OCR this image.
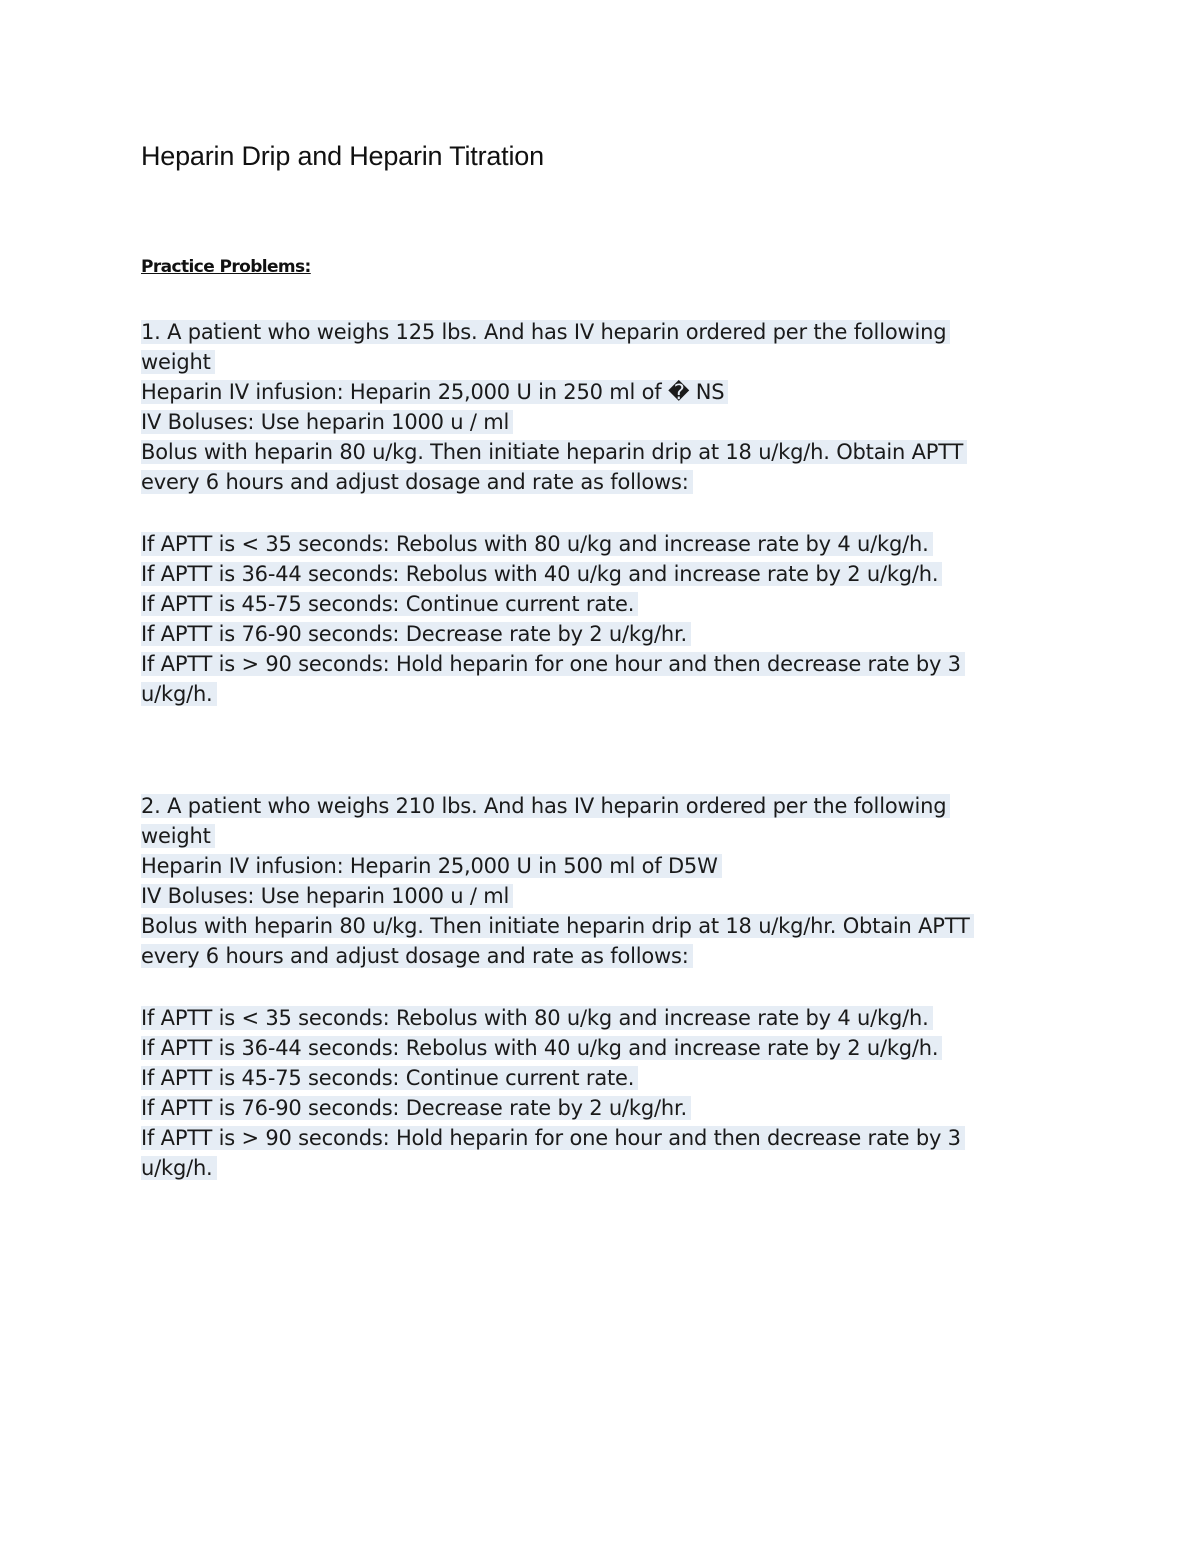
Heparin Drip and Heparin Titration
Practice Problems:
1. A patient who weighs 125 lbs. And has IV heparin ordered per the following
weight
Heparin IV infusion: Heparin 25,000 U in 250 ml of � NS
IV Boluses: Use heparin 1000 u / ml
Bolus with heparin 80 u/kg. Then initiate heparin drip at 18 u/kg/h. Obtain APTT
every 6 hours and adjust dosage and rate as follows:
If APTT is < 35 seconds: Rebolus with 80 u/kg and increase rate by 4 u/kg/h.
If APTT is 36-44 seconds: Rebolus with 40 u/kg and increase rate by 2 u/kg/h.
If APTT is 45-75 seconds: Continue current rate.
If APTT is 76-90 seconds: Decrease rate by 2 u/kg/hr.
If APTT is > 90 seconds: Hold heparin for one hour and then decrease rate by 3
u/kg/h.
2. A patient who weighs 210 lbs. And has IV heparin ordered per the following
weight
Heparin IV infusion: Heparin 25,000 U in 500 ml of D5W
IV Boluses: Use heparin 1000 u / ml
Bolus with heparin 80 u/kg. Then initiate heparin drip at 18 u/kg/hr. Obtain APTT
every 6 hours and adjust dosage and rate as follows:
If APTT is < 35 seconds: Rebolus with 80 u/kg and increase rate by 4 u/kg/h.
If APTT is 36-44 seconds: Rebolus with 40 u/kg and increase rate by 2 u/kg/h.
If APTT is 45-75 seconds: Continue current rate.
If APTT is 76-90 seconds: Decrease rate by 2 u/kg/hr.
If APTT is > 90 seconds: Hold heparin for one hour and then decrease rate by 3
u/kg/h.
